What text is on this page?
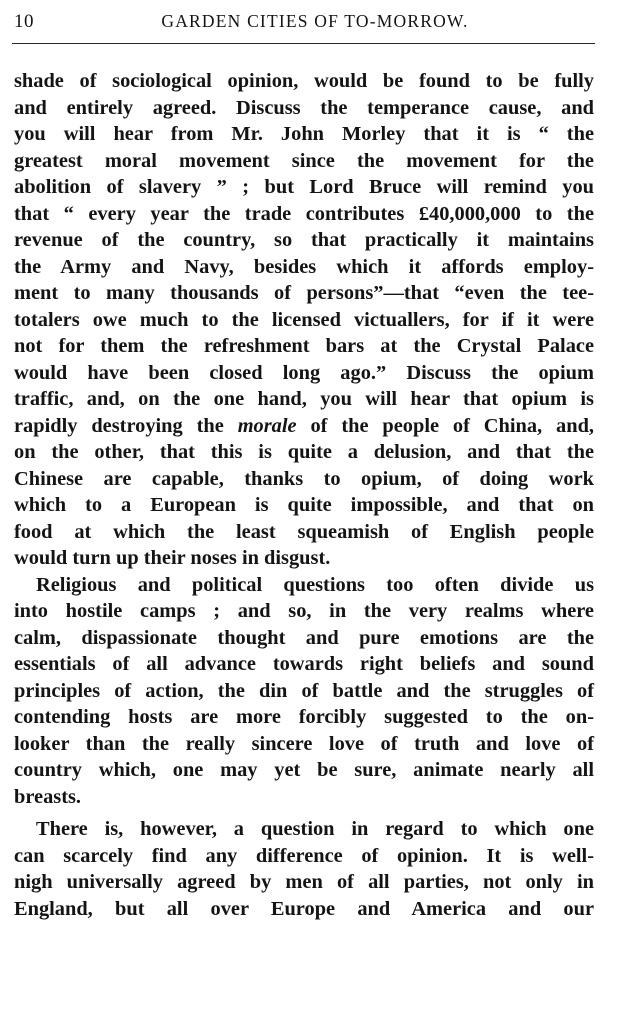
10	GARDEN CITIES OF TO-MORROW.
shade of sociological opinion, would be found to be fully
and entirely agreed. Discuss the temperance cause, and
you will hear from Mr. John Morley that it is “ the
greatest moral movement since the movement for the
abolition of slavery ” ; but Lord Bruce will remind you
that “ every year the trade contributes £40,000,000 to the
revenue of the country, so that practically it maintains
the Army and Navy, besides which it affords employ-
ment to many thousands of persons”—that “even the tee-
totalers owe much to the licensed victuallers, for if it were
not for them the refreshment bars at the Crystal Palace
would have been closed long ago.” Discuss the opium
traffic, and, on the one hand, you will hear that opium is
rapidly destroying the morale of the people of China, and,
on the other, that this is quite a delusion, and that the
Chinese are capable, thanks to opium, of doing work
which to a European is quite impossible, and that on
food at which the least squeamish of English people
would turn up their noses in disgust.
Religious and political questions too often divide us
into hostile camps ; and so, in the very realms where
calm, dispassionate thought and pure emotions are the
essentials of all advance towards right beliefs and sound
principles of action, the din of battle and the struggles of
contending hosts are more forcibly suggested to the on-
looker than the really sincere love of truth and love of
country which, one may yet be sure, animate nearly all
breasts.
There is, however, a question in regard to which one
can scarcely find any difference of opinion. It is well-
nigh universally agreed by men of all parties, not only in
England, but all over Europe and America and our
